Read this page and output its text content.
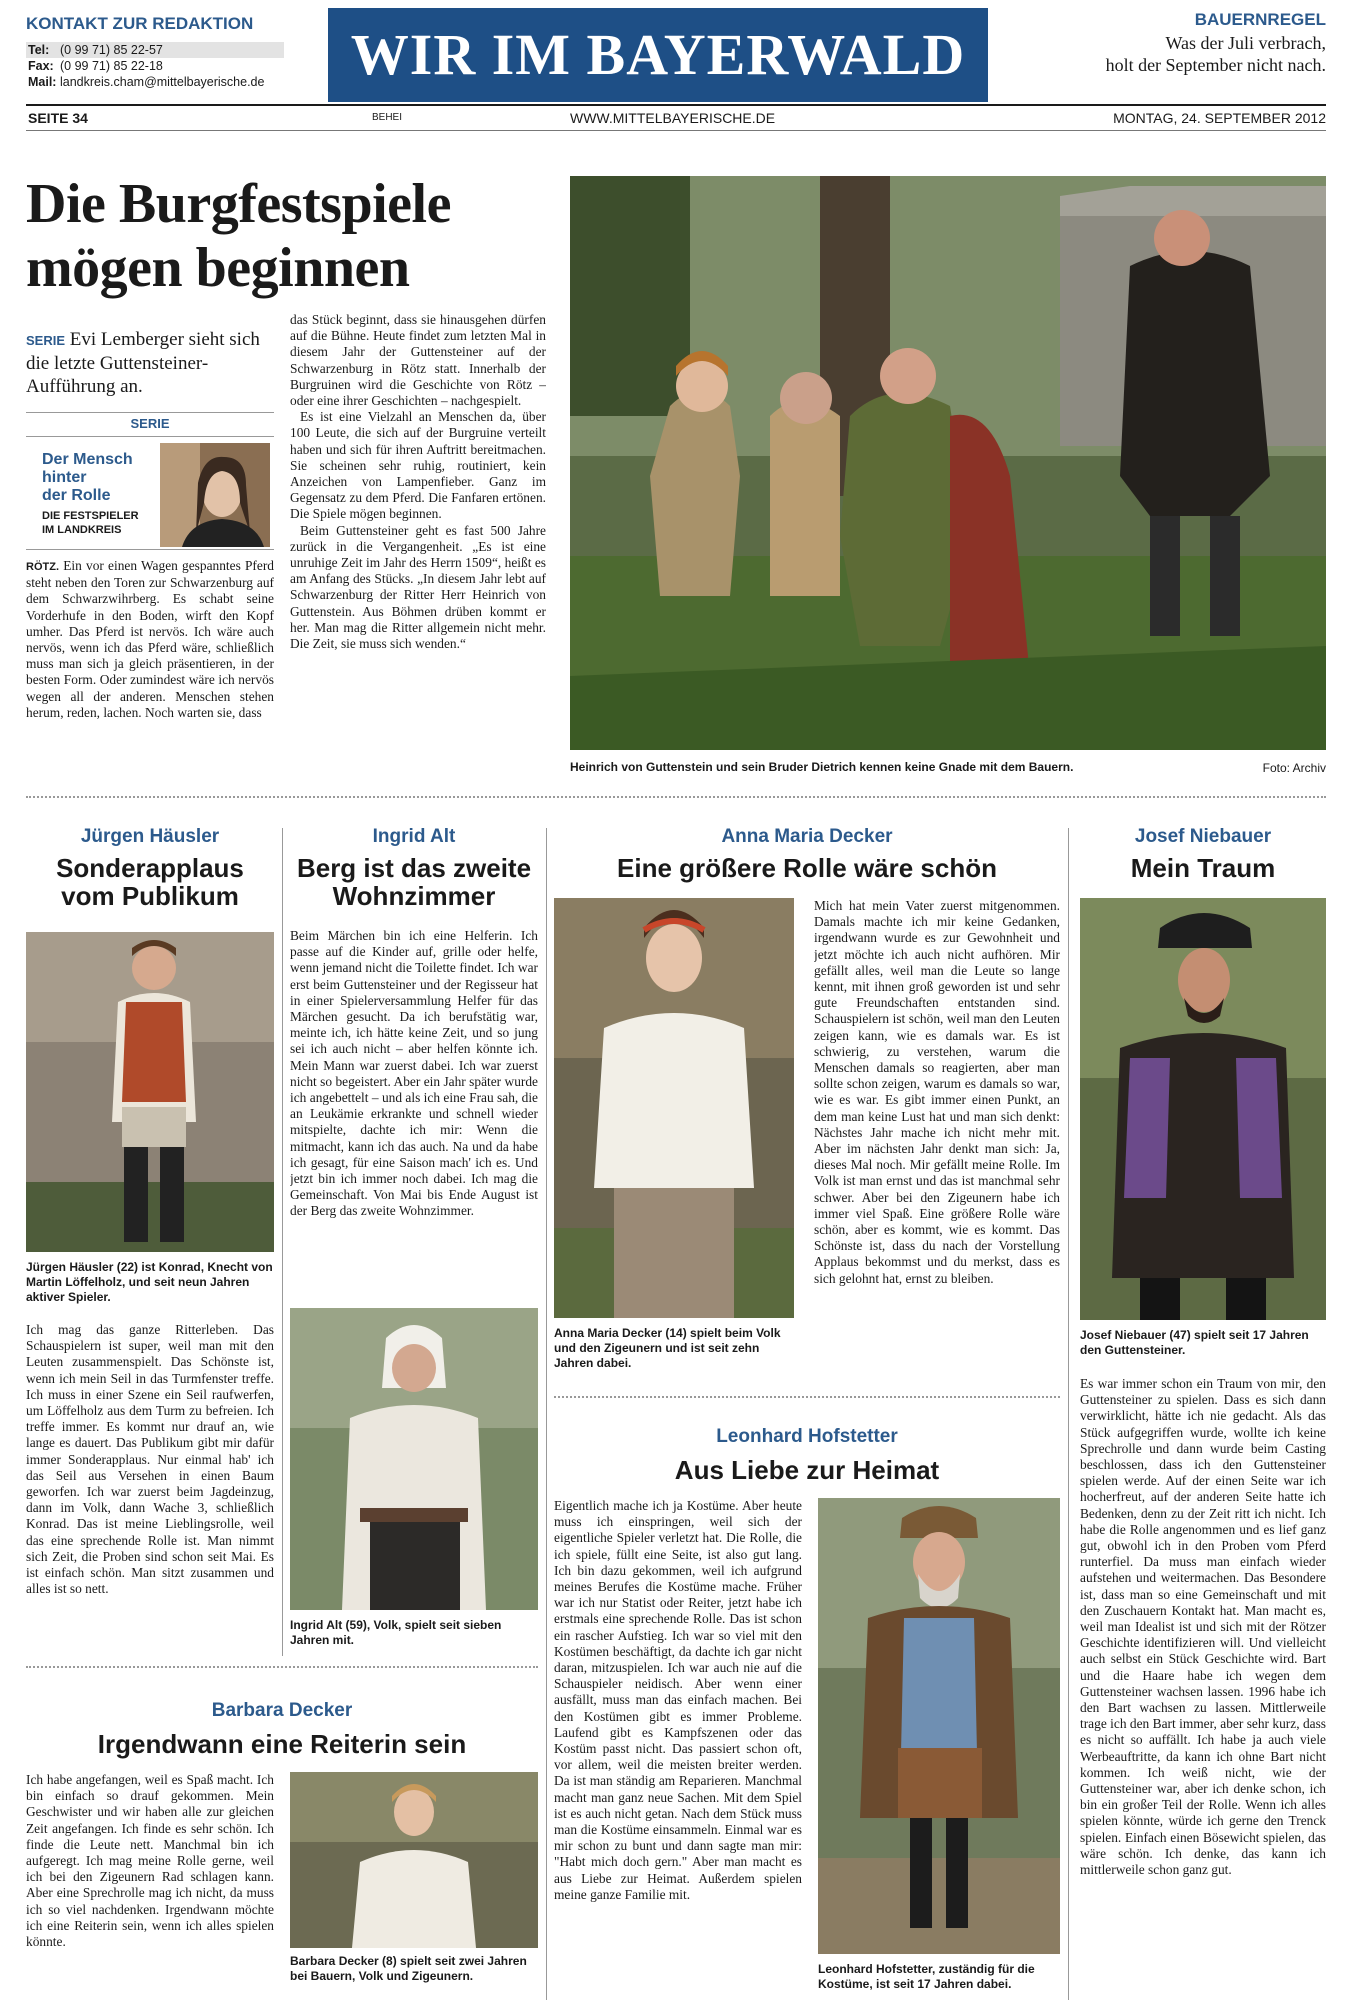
KONTAKT ZUR REDAKTION
Tel: (0 99 71) 85 22-57
Fax: (0 99 71) 85 22-18
Mail: landkreis.cham@mittelbayerische.de	WIR IM BAYERWALD
BAUERNREGEL
Was der Juli verbrach,
holt der September nicht nach.
SEITE 34	BEHEI	WWW.MITTELBAYERISCHE.DE	MONTAG, 24. SEPTEMBER 2012
Die Burgfestspiele
mögen beginnen
SERIE Evi Lemberger sieht sich die letzte Guttensteiner-Aufführung an.
SERIE
Der Mensch
hinter
der Rolle
DIE FESTSPIELER
IM LANDKREIS

RÖTZ. Ein vor einen Wagen gespanntes Pferd steht neben den Toren zur Schwarzenburg auf dem Schwarzwihrberg. Es schabt seine Vorderhufe in den Boden, wirft den Kopf umher. Das Pferd ist nervös. Ich wäre auch nervös, wenn ich das Pferd wäre, schließlich muss man sich ja gleich präsentieren, in der besten Form. Oder zumindest wäre ich nervös wegen all der anderen. Menschen stehen herum, reden, lachen. Noch warten sie, dass

das Stück beginnt, dass sie hinausgehen dürfen auf die Bühne. Heute findet zum letzten Mal in diesem Jahr der Guttensteiner auf der Schwarzenburg in Rötz statt. Innerhalb der Burgruinen wird die Geschichte von Rötz – oder eine ihrer Geschichten – nachgespielt.

Es ist eine Vielzahl an Menschen da, über 100 Leute, die sich auf der Burgruine verteilt haben und sich für ihren Auftritt bereitmachen. Sie scheinen sehr ruhig, routiniert, kein Anzeichen von Lampenfieber. Ganz im Gegensatz zu dem Pferd. Die Fanfaren ertönen. Die Spiele mögen beginnen.

Beim Guttensteiner geht es fast 500 Jahre zurück in die Vergangenheit. „Es ist eine unruhige Zeit im Jahr des Herrn 1509“, heißt es am Anfang des Stücks. „In diesem Jahr lebt auf Schwarzenburg der Ritter Herr Heinrich von Guttenstein. Aus Böhmen drüben kommt er her. Man mag die Ritter allgemein nicht mehr. Die Zeit, sie muss sich wenden.“

Heinrich von Guttenstein und sein Bruder Dietrich kennen keine Gnade mit dem Bauern.	Foto: Archiv
Jürgen Häusler
Sonderapplaus vom Publikum
Jürgen Häusler (22) ist Konrad, Knecht von Martin Löffelholz, und seit neun Jahren aktiver Spieler.

Ich mag das ganze Ritterleben. Das Schauspielern ist super, weil man mit den Leuten zusammenspielt. Das Schönste ist, wenn ich mein Seil in das Turmfenster treffe. Ich muss in einer Szene ein Seil raufwerfen, um Löffelholz aus dem Turm zu befreien. Ich treffe immer. Es kommt nur drauf an, wie lange es dauert. Das Publikum gibt mir dafür immer Sonderapplaus. Nur einmal hab' ich das Seil aus Versehen in einen Baum geworfen. Ich war zuerst beim Jagdeinzug, dann im Volk, dann Wache 3, schließlich Konrad. Das ist meine Lieblingsrolle, weil das eine sprechende Rolle ist. Man nimmt sich Zeit, die Proben sind schon seit Mai. Es ist einfach schön. Man sitzt zusammen und alles ist so nett.

Ingrid Alt
Berg ist das zweite Wohnzimmer

Beim Märchen bin ich eine Helferin. Ich passe auf die Kinder auf, grille oder helfe, wenn jemand nicht die Toilette findet. Ich war erst beim Guttensteiner und der Regisseur hat in einer Spielerversammlung Helfer für das Märchen gesucht. Da ich berufstätig war, meinte ich, ich hätte keine Zeit, und so jung sei ich auch nicht – aber helfen könnte ich. Mein Mann war zuerst dabei. Ich war zuerst nicht so begeistert. Aber ein Jahr später wurde ich angebettelt – und als ich eine Frau sah, die an Leukämie erkrankte und schnell wieder mitspielte, dachte ich mir: Wenn die mitmacht, kann ich das auch. Na und da habe ich gesagt, für eine Saison mach' ich es. Und jetzt bin ich immer noch dabei. Ich mag die Gemeinschaft. Von Mai bis Ende August ist der Berg das zweite Wohnzimmer.

Ingrid Alt (59), Volk, spielt seit sieben Jahren mit.
Anna Maria Decker
Eine größere Rolle wäre schön
Anna Maria Decker (14) spielt beim Volk und den Zigeunern und ist seit zehn Jahren dabei.

Mich hat mein Vater zuerst mitgenommen. Damals machte ich mir keine Gedanken, irgendwann wurde es zur Gewohnheit und jetzt möchte ich auch nicht aufhören. Mir gefällt alles, weil man die Leute so lange kennt, mit ihnen groß geworden ist und sehr gute Freundschaften entstanden sind. Schauspielern ist schön, weil man den Leuten zeigen kann, wie es damals war. Es ist schwierig, zu verstehen, warum die Menschen damals so reagierten, aber man sollte schon zeigen, warum es damals so war, wie es war. Es gibt immer einen Punkt, an dem man keine Lust hat und man sich denkt: Nächstes Jahr mache ich nicht mehr mit. Aber im nächsten Jahr denkt man sich: Ja, dieses Mal noch. Mir gefällt meine Rolle. Im Volk ist man ernst und das ist manchmal sehr schwer. Aber bei den Zigeunern habe ich immer viel Spaß. Eine größere Rolle wäre schön, aber es kommt, wie es kommt. Das Schönste ist, dass du nach der Vorstellung Applaus bekommst und du merkst, dass es sich gelohnt hat, ernst zu bleiben.

Leonhard Hofstetter
Aus Liebe zur Heimat

Eigentlich mache ich ja Kostüme. Aber heute muss ich einspringen, weil sich der eigentliche Spieler verletzt hat. Die Rolle, die ich spiele, füllt eine Seite, ist also gut lang. Ich bin dazu gekommen, weil ich aufgrund meines Berufes die Kostüme mache. Früher war ich nur Statist oder Reiter, jetzt habe ich erstmals eine sprechende Rolle. Das ist schon ein rascher Aufstieg. Ich war so viel mit den Kostümen beschäftigt, da dachte ich gar nicht daran, mitzuspielen. Ich war auch nie auf die Schauspieler neidisch. Aber wenn einer ausfällt, muss man das einfach machen. Bei den Kostümen gibt es immer Probleme. Laufend gibt es Kampfszenen oder das Kostüm passt nicht. Das passiert schon oft, vor allem, weil die meisten breiter werden. Da ist man ständig am Reparieren. Manchmal macht man ganz neue Sachen. Mit dem Spiel ist es auch nicht getan. Nach dem Stück muss man die Kostüme einsammeln. Einmal war es mir schon zu bunt und dann sagte man mir: "Habt mich doch gern." Aber man macht es aus Liebe zur Heimat. Außerdem spielen meine ganze Familie mit.

Leonhard Hofstetter, zuständig für die Kostüme, ist seit 17 Jahren dabei.
Josef Niebauer
Mein Traum
Josef Niebauer (47) spielt seit 17 Jahren den Guttensteiner.

Es war immer schon ein Traum von mir, den Guttensteiner zu spielen. Dass es sich dann verwirklicht, hätte ich nie gedacht. Als das Stück aufgegriffen wurde, wollte ich keine Sprechrolle und dann wurde beim Casting beschlossen, dass ich den Guttensteiner spielen werde. Auf der einen Seite war ich hocherfreut, auf der anderen Seite hatte ich Bedenken, denn zu der Zeit ritt ich nicht. Ich habe die Rolle angenommen und es lief ganz gut, obwohl ich in den Proben vom Pferd runterfiel. Da muss man einfach wieder aufstehen und weitermachen. Das Besondere ist, dass man so eine Gemeinschaft und mit den Zuschauern Kontakt hat. Man macht es, weil man Idealist ist und sich mit der Rötzer Geschichte identifizieren will. Und vielleicht auch selbst ein Stück Geschichte wird. Bart und die Haare habe ich wegen dem Guttensteiner wachsen lassen. 1996 habe ich den Bart wachsen zu lassen. Mittlerweile trage ich den Bart immer, aber sehr kurz, dass es nicht so auffällt. Ich habe ja auch viele Werbeauftritte, da kann ich ohne Bart nicht kommen. Ich weiß nicht, wie der Guttensteiner war, aber ich denke schon, ich bin ein großer Teil der Rolle. Wenn ich alles spielen könnte, würde ich gerne den Trenck spielen. Einfach einen Bösewicht spielen, das wäre schön. Ich denke, das kann ich mittlerweile schon ganz gut.

Barbara Decker
Irgendwann eine Reiterin sein

Ich habe angefangen, weil es Spaß macht. Ich bin einfach so drauf gekommen. Mein Geschwister und wir haben alle zur gleichen Zeit angefangen. Ich finde es sehr schön. Ich finde die Leute nett. Manchmal bin ich aufgeregt. Ich mag meine Rolle gerne, weil ich bei den Zigeunern Rad schlagen kann. Aber eine Sprechrolle mag ich nicht, da muss ich so viel nachdenken. Irgendwann möchte ich eine Reiterin sein, wenn ich alles spielen könnte.

Barbara Decker (8) spielt seit zwei Jahren bei Bauern, Volk und Zigeunern.
